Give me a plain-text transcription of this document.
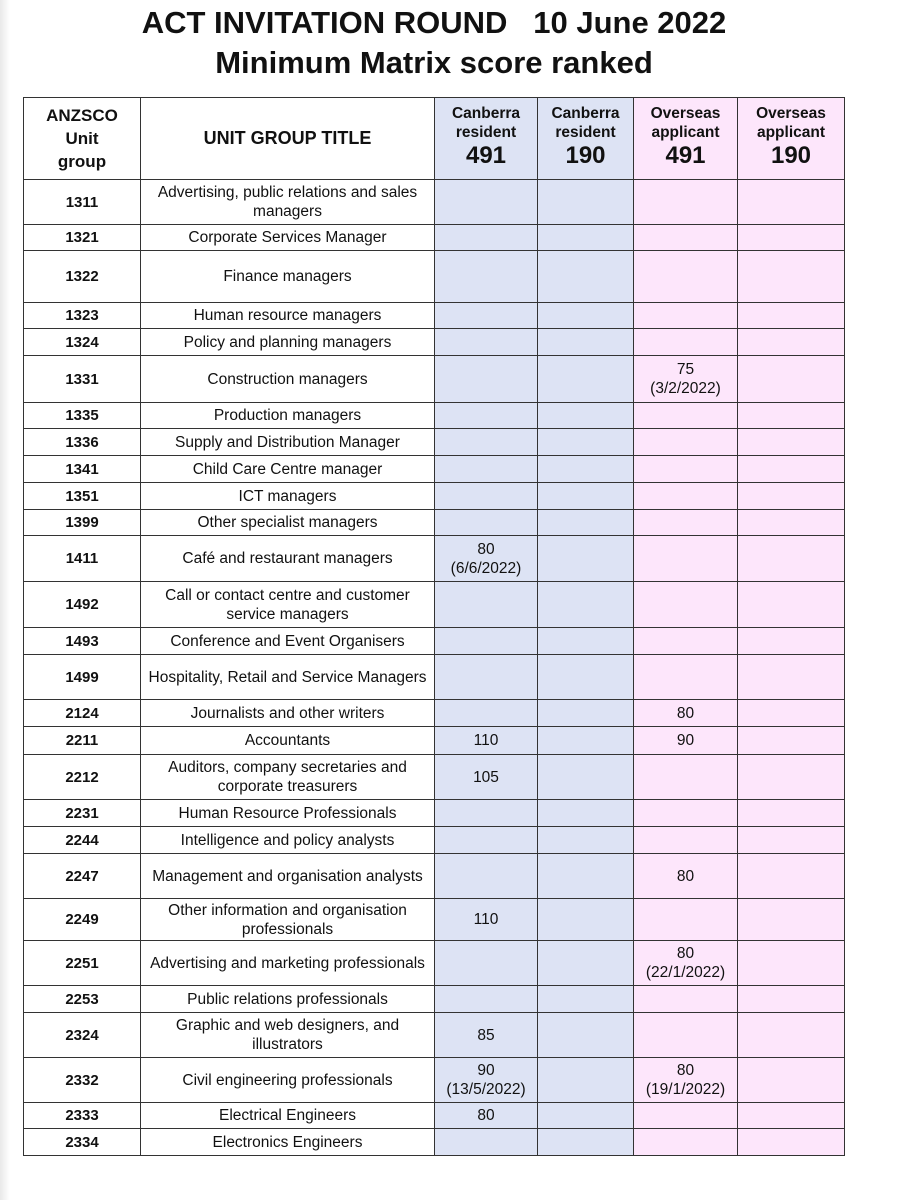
ACT INVITATION ROUND   10 June 2022
Minimum Matrix score ranked
ANZSCO
Unit
group	UNIT GROUP TITLE	Canberra
resident
491	Canberra
resident
190	Overseas
applicant
491	Overseas
applicant
190

1311	Advertising, public relations and sales managers				
1321	Corporate Services Manager				
1322	Finance managers				
1323	Human resource managers				
1324	Policy and planning managers				
1331	Construction managers			75
(3/2/2022)	
1335	Production managers				
1336	Supply and Distribution Manager				
1341	Child Care Centre manager				
1351	ICT managers				
1399	Other specialist managers				
1411	Café and restaurant managers	80
(6/6/2022)			
1492	Call or contact centre and customer service managers				
1493	Conference and Event Organisers				
1499	Hospitality, Retail and Service Managers				
2124	Journalists and other writers			80	
2211	Accountants	110		90	
2212	Auditors, company secretaries and corporate treasurers	105			
2231	Human Resource Professionals				
2244	Intelligence and policy analysts				
2247	Management and organisation analysts			80	
2249	Other information and organisation professionals	110			
2251	Advertising and marketing professionals			80
(22/1/2022)	
2253	Public relations professionals				
2324	Graphic and web designers, and illustrators	85			
2332	Civil engineering professionals	90
(13/5/2022)		80
(19/1/2022)	
2333	Electrical Engineers	80			
2334	Electronics Engineers				
